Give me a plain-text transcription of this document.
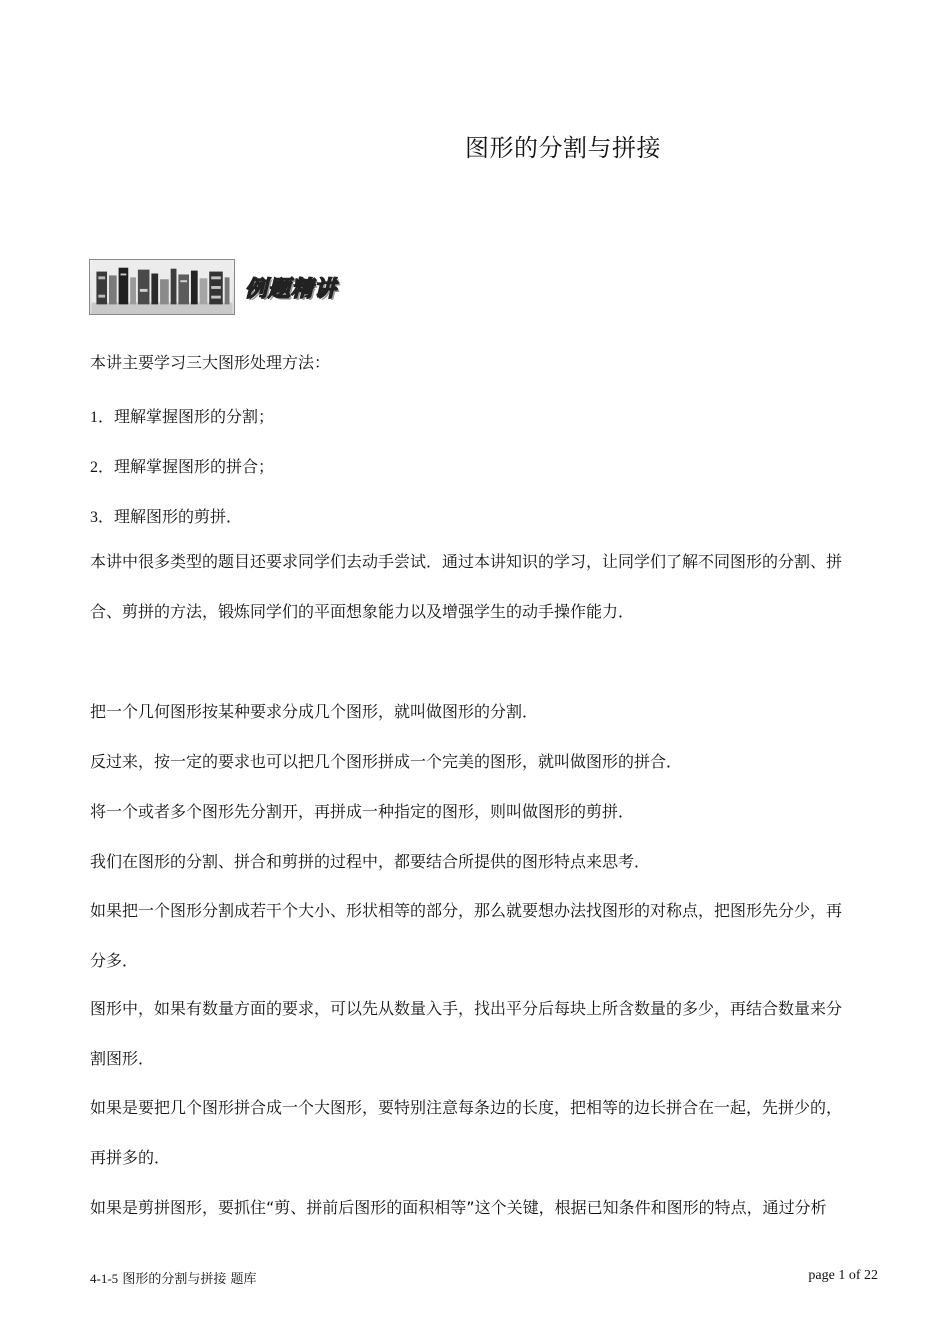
图形的分割与拼接
例题精讲
本讲主要学习三大图形处理方法：
1．理解掌握图形的分割；
2．理解掌握图形的拼合；
3．理解图形的剪拼．
本讲中很多类型的题目还要求同学们去动手尝试．通过本讲知识的学习，让同学们了解不同图形的分割、拼
合、剪拼的方法，锻炼同学们的平面想象能力以及增强学生的动手操作能力．
把一个几何图形按某种要求分成几个图形，就叫做图形的分割．
反过来，按一定的要求也可以把几个图形拼成一个完美的图形，就叫做图形的拼合．
将一个或者多个图形先分割开，再拼成一种指定的图形，则叫做图形的剪拼．
我们在图形的分割、拼合和剪拼的过程中，都要结合所提供的图形特点来思考．
如果把一个图形分割成若干个大小、形状相等的部分，那么就要想办法找图形的对称点，把图形先分少，再
分多．
图形中，如果有数量方面的要求，可以先从数量入手，找出平分后每块上所含数量的多少，再结合数量来分
割图形．
如果是要把几个图形拼合成一个大图形，要特别注意每条边的长度，把相等的边长拼合在一起，先拼少的，
再拼多的．
如果是剪拼图形，要抓住“剪、拼前后图形的面积相等”这个关键，根据已知条件和图形的特点，通过分析
4-1-5 图形的分割与拼接 题库	page 1 of 22
